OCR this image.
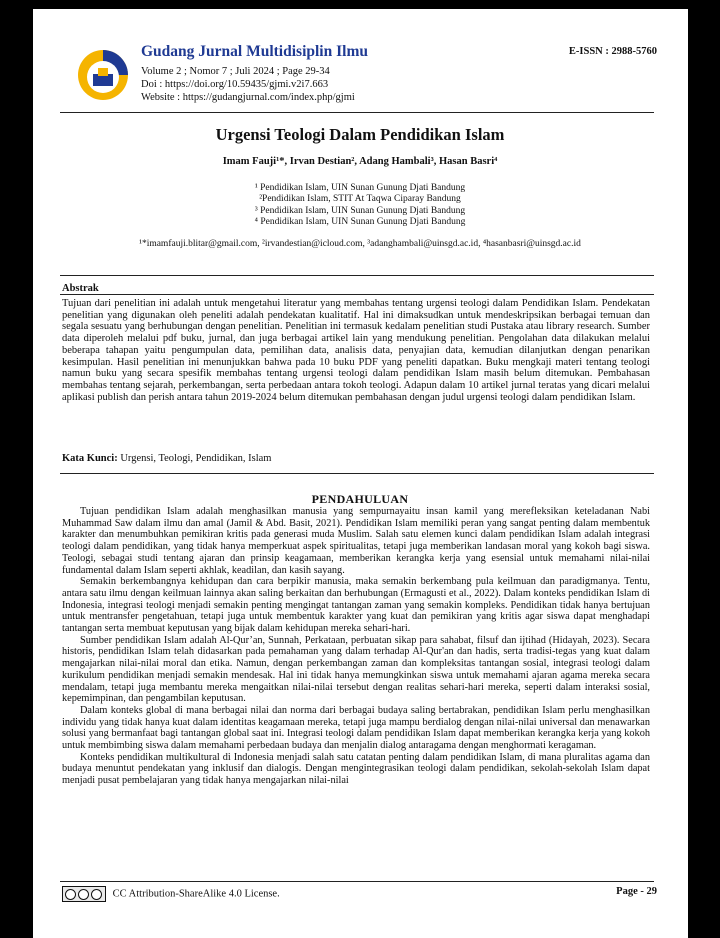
Gudang Jurnal Multidisiplin Ilmu
Volume 2 ; Nomor 7 ; Juli 2024 ; Page 29-34
Doi : https://doi.org/10.59435/gjmi.v2i7.663
Website : https://gudangjurnal.com/index.php/gjmi
E-ISSN : 2988-5760
Urgensi Teologi Dalam Pendidikan Islam
Imam Fauji¹*, Irvan Destian², Adang Hambali³, Hasan Basri⁴
¹ Pendidikan Islam, UIN Sunan Gunung Djati Bandung
²Pendidikan Islam, STIT At Taqwa Ciparay Bandung
³ Pendidikan Islam, UIN Sunan Gunung Djati Bandung
⁴ Pendidikan Islam, UIN Sunan Gunung Djati Bandung
¹*imamfauji.blitar@gmail.com, ²irvandestian@icloud.com, ³adanghambali@uinsgd.ac.id, ⁴hasanbasri@uinsgd.ac.id
Abstrak
Tujuan dari penelitian ini adalah untuk mengetahui literatur yang membahas tentang urgensi teologi dalam Pendidikan Islam. Pendekatan penelitian yang digunakan oleh peneliti adalah pendekatan kualitatif. Hal ini dimaksudkan untuk mendeskripsikan berbagai temuan dan segala sesuatu yang berhubungan dengan penelitian. Penelitian ini termasuk kedalam penelitian studi Pustaka atau library research. Sumber data diperoleh melalui pdf buku, jurnal, dan juga berbagai artikel lain yang mendukung penelitian. Pengolahan data dilakukan melalui beberapa tahapan yaitu pengumpulan data, pemilihan data, analisis data, penyajian data, kemudian dilanjutkan dengan penarikan kesimpulan. Hasil penelitian ini menunjukkan bahwa pada 10 buku PDF yang peneliti dapatkan. Buku mengkaji materi tentang teologi namun buku yang secara spesifik membahas tentang urgensi teologi dalam pendidikan Islam masih belum ditemukan. Pembahasan membahas tentang sejarah, perkembangan, serta perbedaan antara tokoh teologi. Adapun dalam 10 artikel jurnal teratas yang dicari melalui aplikasi publish dan perish antara tahun 2019-2024 belum ditemukan pembahasan dengan judul urgensi teologi dalam pendidikan Islam.
Kata Kunci: Urgensi, Teologi, Pendidikan, Islam
PENDAHULUAN

Tujuan pendidikan Islam adalah menghasilkan manusia yang sempurnayaitu insan kamil yang merefleksikan keteladanan Nabi Muhammad Saw dalam ilmu dan amal (Jamil & Abd. Basit, 2021). Pendidikan Islam memiliki peran yang sangat penting dalam membentuk karakter dan menumbuhkan pemikiran kritis pada generasi muda Muslim. Salah satu elemen kunci dalam pendidikan Islam adalah integrasi teologi dalam pendidikan, yang tidak hanya memperkuat aspek spiritualitas, tetapi juga memberikan landasan moral yang kokoh bagi siswa. Teologi, sebagai studi tentang ajaran dan prinsip keagamaan, memberikan kerangka kerja yang esensial untuk memahami nilai-nilai fundamental dalam Islam seperti akhlak, keadilan, dan kasih sayang.

Semakin berkembangnya kehidupan dan cara berpikir manusia, maka semakin berkembang pula keilmuan dan paradigmanya. Tentu, antara satu ilmu dengan keilmuan lainnya akan saling berkaitan dan berhubungan (Ermagusti et al., 2022). Dalam konteks pendidikan Islam di Indonesia, integrasi teologi menjadi semakin penting mengingat tantangan zaman yang semakin kompleks. Pendidikan tidak hanya bertujuan untuk mentransfer pengetahuan, tetapi juga untuk membentuk karakter yang kuat dan pemikiran yang kritis agar siswa dapat menghadapi tantangan serta membuat keputusan yang bijak dalam kehidupan mereka sehari-hari.

Sumber pendidikan Islam adalah Al-Qur’an, Sunnah, Perkataan, perbuatan sikap para sahabat, filsuf dan ijtihad (Hidayah, 2023). Secara historis, pendidikan Islam telah didasarkan pada pemahaman yang dalam terhadap Al-Qur'an dan hadis, serta tradisi-tegas yang kuat dalam mengajarkan nilai-nilai moral dan etika. Namun, dengan perkembangan zaman dan kompleksitas tantangan sosial, integrasi teologi dalam kurikulum pendidikan menjadi semakin mendesak. Hal ini tidak hanya memungkinkan siswa untuk memahami ajaran agama mereka secara mendalam, tetapi juga membantu mereka mengaitkan nilai-nilai tersebut dengan realitas sehari-hari mereka, seperti dalam interaksi sosial, kepemimpinan, dan pengambilan keputusan.

Dalam konteks global di mana berbagai nilai dan norma dari berbagai budaya saling bertabrakan, pendidikan Islam perlu menghasilkan individu yang tidak hanya kuat dalam identitas keagamaan mereka, tetapi juga mampu berdialog dengan nilai-nilai universal dan menawarkan solusi yang bermanfaat bagi tantangan global saat ini. Integrasi teologi dalam pendidikan Islam dapat memberikan kerangka kerja yang kokoh untuk membimbing siswa dalam memahami perbedaan budaya dan menjalin dialog antaragama dengan menghormati keragaman.

Konteks pendidikan multikultural di Indonesia menjadi salah satu catatan penting dalam pendidikan Islam, di mana pluralitas agama dan budaya menuntut pendekatan yang inklusif dan dialogis. Dengan mengintegrasikan teologi dalam pendidikan, sekolah-sekolah Islam dapat menjadi pusat pembelajaran yang tidak hanya mengajarkan nilai-nilai

CC Attribution-ShareAlike 4.0 License.	Page - 29
